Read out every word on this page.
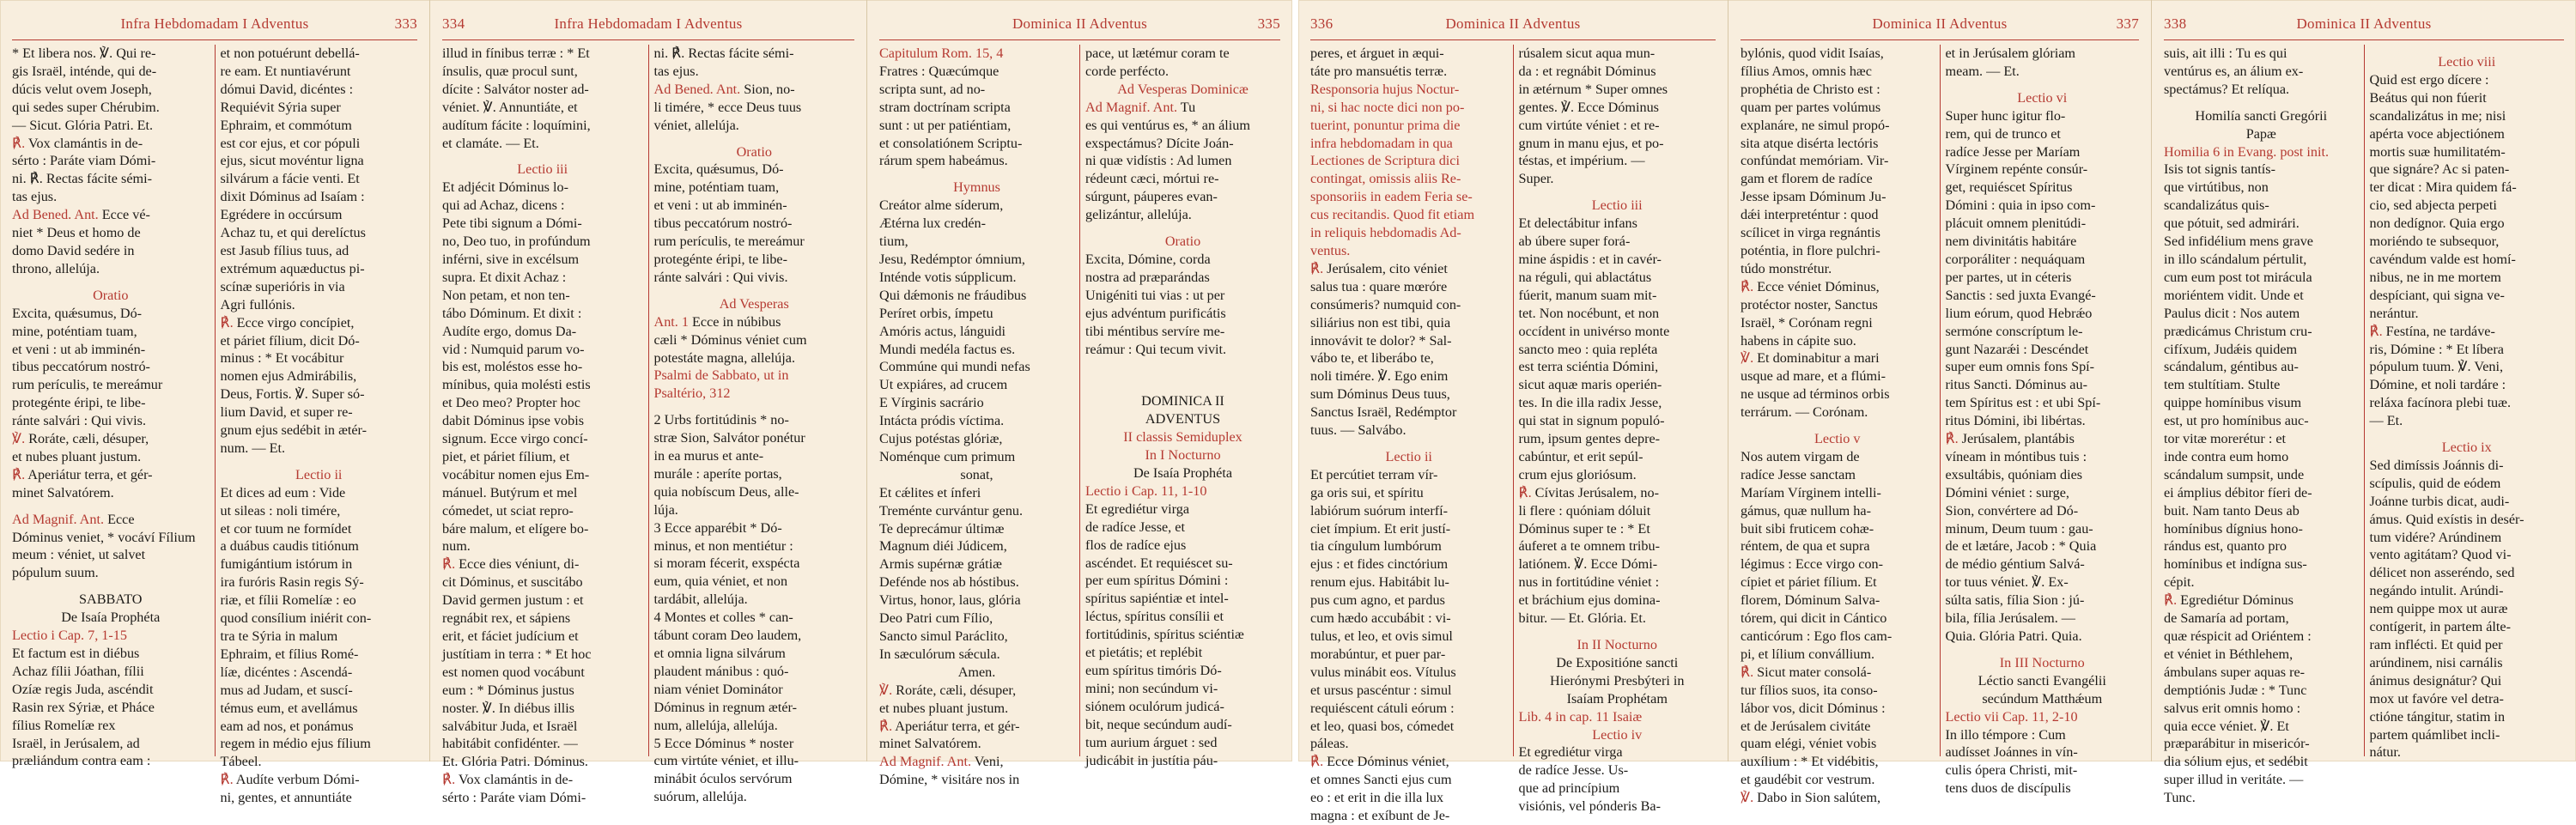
Infra Hebdomadam I Adventus	333
* Et libera nos. ℣. Qui re-
gis Israël, inténde, qui de-
dúcis velut ovem Joseph,
qui sedes super Chérubim.
— Sicut. Glória Patri. Et.
℟. Vox clamántis in de-
sérto : Paráte viam Dómi-
ni. ℟. Rectas fácite sémi-
tas ejus.
Ad Bened. Ant. Ecce vé-
niet * Deus et homo de
domo David sedére in
throno, allelúja.
Oratio
Excita, quǽsumus, Dó-
mine, poténtiam tuam,
et veni : ut ab imminén-
tibus peccatórum nostró-
rum perículis, te mereámur
protegénte éripi, te libe-
ránte salvári : Qui vivis.
℣. Roráte, cæli, désuper,
et nubes pluant justum.
℟. Aperiátur terra, et gér-
minet Salvatórem.
Ad Magnif. Ant. Ecce
Dóminus veniet, * vocáví Fílium
meum : véniet, ut salvet
pópulum suum.
SABBATO
De Isaía Prophéta
Lectio i Cap. 7, 1-15
Et factum est in diébus
Achaz fílii Jóathan, fílii
Ozíæ regis Juda, ascéndit
Rasin rex Sýriæ, et Pháce
fílius Romelíæ rex
Israël, in Jerúsalem, ad
præliándum contra eam :
et non potuérunt debellá-
re eam. Et nuntiavérunt
dómui David, dicéntes :
Requiévit Sýria super
Ephraim, et commótum
est cor ejus, et cor pópuli
ejus, sicut movéntur ligna
silvárum a fácie venti. Et
dixit Dóminus ad Isaíam :
Egrédere in occúrsum
Achaz tu, et qui derelíctus
est Jasub fílius tuus, ad
extrémum aquæductus pi-
scínæ superióris in via
Agri fullónis.
℟. Ecce virgo concípiet,
et páriet fílium, dicit Dó-
minus : * Et vocábitur
nomen ejus Admirábilis,
Deus, Fortis. ℣. Super só-
lium David, et super re-
gnum ejus sedébit in ætér-
num. — Et.
Lectio ii
Et dices ad eum : Vide
ut sileas : noli timére,
et cor tuum ne formídet
a duábus caudis titiónum
fumigántium istórum in
ira furóris Rasin regis Sý-
riæ, et fílii Romelíæ : eo
quod consílium iniérit con-
tra te Sýria in malum
Ephraim, et fílius Romé-
líæ, dicéntes : Ascendá-
mus ad Judam, et suscí-
témus eum, et avellámus
eam ad nos, et ponámus
regem in médio ejus fílium
Tábeel.
℟. Audíte verbum Dómi-
ni, gentes, et annuntiáte
Infra Hebdomadam I Adventus
334
illud in fínibus terræ : * Et
ínsulis, quæ procul sunt,
dícite : Salvátor noster ad-
véniet. ℣. Annuntiáte, et
audítum fácite : loquímini,
et clamáte. — Et.
Lectio iii
Et adjécit Dóminus lo-
qui ad Achaz, dicens :
Pete tibi signum a Dómi-
no, Deo tuo, in profúndum
inférni, sive in excélsum
supra. Et dixit Achaz :
Non petam, et non ten-
tábo Dóminum. Et dixit :
Audíte ergo, domus Da-
vid : Numquid parum vo-
bis est, moléstos esse ho-
mínibus, quia molésti estis
et Deo meo? Propter hoc
dabit Dóminus ipse vobis
signum. Ecce virgo concí-
piet, et páriet fílium, et
vocábitur nomen ejus Em-
mánuel. Butýrum et mel
cómedet, ut sciat repro-
báre malum, et elígere bo-
num.
℟. Ecce dies véniunt, di-
cit Dóminus, et suscitábo
David germen justum : et
regnábit rex, et sápiens
erit, et fáciet judícium et
justítiam in terra : * Et hoc
est nomen quod vocábunt
eum : * Dóminus justus
noster. ℣. In diébus illis
salvábitur Juda, et Israël
habitábit confidénter. —
Et. Glória Patri. Dóminus.
℟. Vox clamántis in de-
sérto : Paráte viam Dómi-
ni. ℟. Rectas fácite sémi-
tas ejus.
Ad Bened. Ant. Sion, no-
li timére, * ecce Deus tuus
véniet, allelúja.
Oratio
Excita, quǽsumus, Dó-
mine, poténtiam tuam,
et veni : ut ab imminén-
tibus peccatórum nostró-
rum perículis, te mereámur
protegénte éripi, te libe-
ránte salvári : Qui vivis.
Ad Vesperas
Ant. 1 Ecce in núbibus
cæli * Dóminus véniet cum
potestáte magna, allelúja.
Psalmi de Sabbato, ut in
Psaltério, 312
2 Urbs fortitúdinis * no-
stræ Sion, Salvátor ponétur
in ea murus et ante-
murále : aperíte portas,
quia nobíscum Deus, alle-
lúja.
3 Ecce apparébit * Dó-
minus, et non mentiétur :
si moram fécerit, exspécta
eum, quia véniet, et non
tardábit, allelúja.
4 Montes et colles * can-
tábunt coram Deo laudem,
et omnia ligna silvárum
plaudent mánibus : quó-
niam véniet Dominátor
Dóminus in regnum ætér-
num, allelúja, allelúja.
5 Ecce Dóminus * noster
cum virtúte véniet, et illu-
minábit óculos servórum
suórum, allelúja.
Dominica II Adventus	335
Capitulum Rom. 15, 4
Fratres : Quæcúmque
scripta sunt, ad no-
stram doctrínam scripta
sunt : ut per patiéntiam,
et consolatiónem Scriptu-
rárum spem habeámus.
Hymnus
Creátor alme síderum,
Ætérna lux credén-
tium,
Jesu, Redémptor ómnium,
Inténde votis súpplicum.
Qui dǽmonis ne fráudibus
Períret orbis, ímpetu
Amóris actus, lánguidi
Mundi medéla factus es.
Commúne qui mundi nefas
Ut expiáres, ad crucem
E Vírginis sacrário
Intácta pródis víctima.
Cujus potéstas glóriæ,
Noménque cum primum
sonat,
Et cǽlites et ínferi
Treménte curvántur genu.
Te deprecámur últimæ
Magnum diéi Júdicem,
Armis supérnæ grátiæ
Defénde nos ab hóstibus.
Virtus, honor, laus, glória
Deo Patri cum Fílio,
Sancto simul Paráclito,
In sæculórum sǽcula.
Amen.
℣. Roráte, cæli, désuper,
et nubes pluant justum.
℟. Aperiátur terra, et gér-
minet Salvatórem.
Ad Magnif. Ant. Veni,
Dómine, * visitáre nos in
pace, ut lætémur coram te
corde perfécto.
Ad Vesperas Dominicæ
Ad Magnif. Ant. Tu
es qui ventúrus es, * an álium
exspectámus? Dícite Joán-
ni quæ vidístis : Ad lumen
rédeunt cæci, mórtui re-
súrgunt, páuperes evan-
gelizántur, allelúja.
Oratio
Excita, Dómine, corda
nostra ad præparándas
Unigéniti tui vias : ut per
ejus advéntum purificátis
tibi méntibus servíre me-
reámur : Qui tecum vivit.
DOMINICA II
ADVENTUS
II classis Semiduplex
In I Nocturno
De Isaía Prophéta
Lectio i Cap. 11, 1-10
Et egrediétur virga
de radíce Jesse, et
flos de radíce ejus
ascéndet. Et requiéscet su-
per eum spíritus Dómini :
spíritus sapiéntiæ et intel-
léctus, spíritus consílii et
fortitúdinis, spíritus sciéntiæ
et pietátis; et replébit
eum spíritus timóris Dó-
mini; non secúndum vi-
siónem oculórum judicá-
bit, neque secúndum audí-
tum aurium árguet : sed
judicábit in justítia páu-
Dominica II Adventus
336
peres, et árguet in æqui-
táte pro mansuétis terræ.
Responsoria hujus Noctur-
ni, si hac nocte dici non po-
tuerint, ponuntur prima die
infra hebdomadam in qua
Lectiones de Scriptura dici
contingat, omissis aliis Re-
sponsoriis in eadem Feria se-
cus recitandis. Quod fit etiam
in reliquis hebdomadis Ad-
ventus.
℟. Jerúsalem, cito véniet
salus tua : quare mœróre
consúmeris? numquid con-
siliárius non est tibi, quia
innovávit te dolor? * Sal-
vábo te, et liberábo te,
noli timére. ℣. Ego enim
sum Dóminus Deus tuus,
Sanctus Israël, Redémptor
tuus. — Salvábo.
Lectio ii
Et percútiet terram vír-
ga oris sui, et spíritu
labiórum suórum interfí-
ciet ímpium. Et erit justí-
tia cíngulum lumbórum
ejus : et fides cinctórium
renum ejus. Habitábit lu-
pus cum agno, et pardus
cum hædo accubábit : vi-
tulus, et leo, et ovis simul
morabúntur, et puer par-
vulus minábit eos. Vítulus
et ursus pascéntur : simul
requiéscent cátuli eórum :
et leo, quasi bos, cómedet
páleas.
℟. Ecce Dóminus véniet,
et omnes Sancti ejus cum
eo : et erit in die illa lux
magna : et exíbunt de Je-
rúsalem sicut aqua mun-
da : et regnábit Dóminus
in ætérnum * Super omnes
gentes. ℣. Ecce Dóminus
cum virtúte véniet : et re-
gnum in manu ejus, et po-
téstas, et impérium. —
Super.
Lectio iii
Et delectábitur infans
ab úbere super forá-
mine áspidis : et in cavér-
na réguli, qui ablactátus
fúerit, manum suam mit-
tet. Non nocébunt, et non
occídent in univérso monte
sancto meo : quia repléta
est terra sciéntia Dómini,
sicut aquæ maris operién-
tes. In die illa radix Jesse,
qui stat in signum populó-
rum, ipsum gentes depre-
cabúntur, et erit sepúl-
crum ejus gloriósum.
℟. Cívitas Jerúsalem, no-
li flere : quóniam dóluit
Dóminus super te : * Et
áuferet a te omnem tribu-
latiónem. ℣. Ecce Dómi-
nus in fortitúdine véniet :
et bráchium ejus domina-
bitur. — Et. Glória. Et.
In II Nocturno
De Expositióne sancti
Hierónymi Presbýteri in
Isaíam Prophétam
Lib. 4 in cap. 11 Isaiæ
Lectio iv
Et egrediétur virga
de radíce Jesse. Us-
que ad princípium
visiónis, vel pónderis Ba-
Dominica II Adventus	337
bylónis, quod vidit Isaías,
fílius Amos, omnis hæc
prophétia de Christo est :
quam per partes volúmus
explanáre, ne simul propó-
sita atque disérta lectóris
confúndat memóriam. Vir-
gam et florem de radíce
Jesse ipsam Dóminum Ju-
dǽi interpreténtur : quod
scílicet in virga regnántis
poténtia, in flore pulchri-
túdo monstrétur.
℟. Ecce véniet Dóminus,
protéctor noster, Sanctus
Israël, * Corónam regni
habens in cápite suo.
℣. Et dominabitur a mari
usque ad mare, et a flúmi-
ne usque ad términos orbis
terrárum. — Corónam.
Lectio v
Nos autem virgam de
radíce Jesse sanctam
Maríam Vírginem intelli-
gámus, quæ nullum ha-
buit sibi fruticem cohæ-
réntem, de qua et supra
légimus : Ecce virgo con-
cípiet et páriet fílium. Et
florem, Dóminum Salva-
tórem, qui dicit in Cántico
canticórum : Ego flos cam-
pi, et lílium convállium.
℟. Sicut mater consolá-
tur fílios suos, ita conso-
lábor vos, dicit Dóminus :
et de Jerúsalem civitáte
quam elégi, véniet vobis
auxílium : * Et vidébitis,
et gaudébit cor vestrum.
℣. Dabo in Sion salútem,
et in Jerúsalem glóriam
meam. — Et.
Lectio vi
Super hunc igitur flo-
rem, qui de trunco et
radíce Jesse per Maríam
Vírginem repénte consúr-
get, requiéscet Spíritus
Dómini : quia in ipso com-
plácuit omnem plenitúdi-
nem divinitátis habitáre
corporáliter : nequáquam
per partes, ut in céteris
Sanctis : sed juxta Evangé-
lium eórum, quod Hebrǽo
sermóne conscríptum le-
gunt Nazarǽi : Descéndet
super eum omnis fons Spí-
ritus Sancti. Dóminus au-
tem Spíritus est : et ubi Spí-
ritus Dómini, ibi libértas.
℟. Jerúsalem, plantábis
víneam in móntibus tuis :
exsultábis, quóniam dies
Dómini véniet : surge,
Sion, convértere ad Dó-
minum, Deum tuum : gau-
de et lætáre, Jacob : * Quia
de médio géntium Salvá-
tor tuus véniet. ℣. Ex-
súlta satis, fília Sion : jú-
bila, fília Jerúsalem. —
Quia. Glória Patri. Quia.
In III Nocturno
Léctio sancti Evangélii
secúndum Matthǽum
Lectio vii Cap. 11, 2-10
In illo témpore : Cum
audísset Joánnes in vín-
culis ópera Christi, mit-
tens duos de discípulis
Dominica II Adventus
338
suis, ait illi : Tu es qui
ventúrus es, an álium ex-
spectámus? Et relíqua.
Homilía sancti Gregórii
Papæ
Homilia 6 in Evang. post init.
Isis tot signis tantís-
que virtútibus, non
scandalizátus quis-
que pótuit, sed admirári.
Sed infidélium mens grave
in illo scándalum pértulit,
cum eum post tot mirácula
moriéntem vidit. Unde et
Paulus dicit : Nos autem
prædicámus Christum cru-
cifíxum, Judǽis quidem
scándalum, géntibus au-
tem stultítiam. Stulte
quippe homínibus visum
est, ut pro homínibus auc-
tor vitæ morerétur : et
inde contra eum homo
scándalum sumpsit, unde
ei ámplius débitor fíeri de-
buit. Nam tanto Deus ab
homínibus dígnius hono-
rándus est, quanto pro
homínibus et indígna sus-
cépit.
℟. Egrediétur Dóminus
de Samaría ad portam,
quæ réspicit ad Oriéntem :
et véniet in Béthlehem,
ámbulans super aquas re-
demptiónis Judæ : * Tunc
salvus erit omnis homo :
quia ecce véniet. ℣. Et
præparábitur in misericór-
dia sólium ejus, et sedébit
super illud in veritáte. —
Tunc.
Lectio viii
Quid est ergo dícere :
Beátus qui non fúerit
scandalizátus in me; nisi
apérta voce abjectiónem
mortis suæ humilitatém-
que signáre? Ac si paten-
ter dicat : Mira quidem fá-
cio, sed abjecta perpeti
non dedígnor. Quia ergo
moriéndo te subsequor,
cavéndum valde est homí-
nibus, ne in me mortem
despíciant, qui signa ve-
nerántur.
℟. Festína, ne tardáve-
ris, Dómine : * Et líbera
pópulum tuum. ℣. Veni,
Dómine, et noli tardáre :
reláxa facínora plebi tuæ.
— Et.
Lectio ix
Sed dimíssis Joánnis di-
scípulis, quid de eódem
Joánne turbis dicat, audi-
ámus. Quid exístis in desér-
tum vidére? Arúndinem
vento agitátam? Quod vi-
délicet non asseréndo, sed
negándo intulit. Arúndi-
nem quippe mox ut auræ
contígerit, in partem álte-
ram inflécti. Et quid per
arúndinem, nisi carnális
ánimus designátur? Qui
mox ut favóre vel detra-
ctióne tángitur, statim in
partem quámlibet incli-
nátur.
